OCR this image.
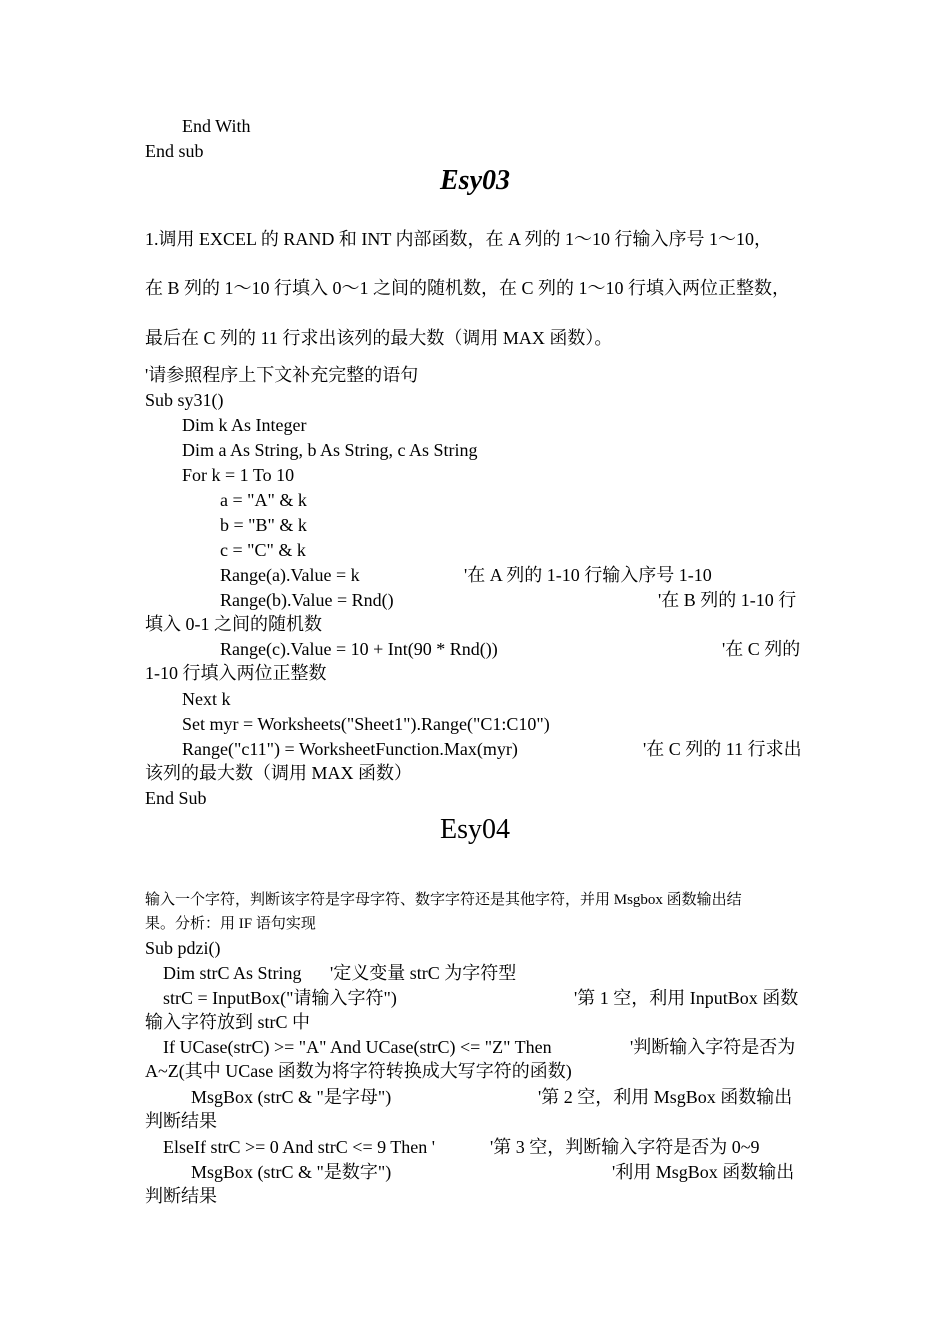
End With
End sub
Esy03
1.调用 EXCEL 的 RAND 和 INT 内部函数，在 A 列的 1～10 行输入序号 1～10，
在 B 列的 1～10 行填入 0～1 之间的随机数，在 C 列的 1～10 行填入两位正整数，
最后在 C 列的 11 行求出该列的最大数（调用 MAX 函数）。
'请参照程序上下文补充完整的语句
Sub sy31()
Dim k As Integer
Dim a As String, b As String, c As String
For k = 1 To 10
a = "A" & k
b = "B" & k
c = "C" & k
Range(a).Value = k	'在 A 列的 1-10 行输入序号 1-10
Range(b).Value = Rnd()	'在 B 列的 1-10 行
填入 0-1 之间的随机数
Range(c).Value = 10 + Int(90 * Rnd())	'在 C 列的
1-10 行填入两位正整数
Next k
Set myr = Worksheets("Sheet1").Range("C1:C10")
Range("c11") = WorksheetFunction.Max(myr)	'在 C 列的 11 行求出
该列的最大数（调用 MAX 函数）
End Sub
Esy04
输入一个字符，判断该字符是字母字符、数字字符还是其他字符，并用 Msgbox 函数输出结
果。分析：用 IF 语句实现
Sub pdzi()
Dim strC As String '定义变量 strC 为字符型
strC = InputBox("请输入字符")	'第 1 空，利用 InputBox 函数
输入字符放到 strC 中
If UCase(strC) >= "A" And UCase(strC) <= "Z" Then	'判断输入字符是否为
A~Z(其中 UCase 函数为将字符转换成大写字符的函数)
MsgBox (strC & "是字母")	'第 2 空，利用 MsgBox 函数输出
判断结果
ElseIf strC >= 0 And strC <= 9 Then '	'第 3 空，判断输入字符是否为 0~9
MsgBox (strC & "是数字")	'利用 MsgBox 函数输出
判断结果
